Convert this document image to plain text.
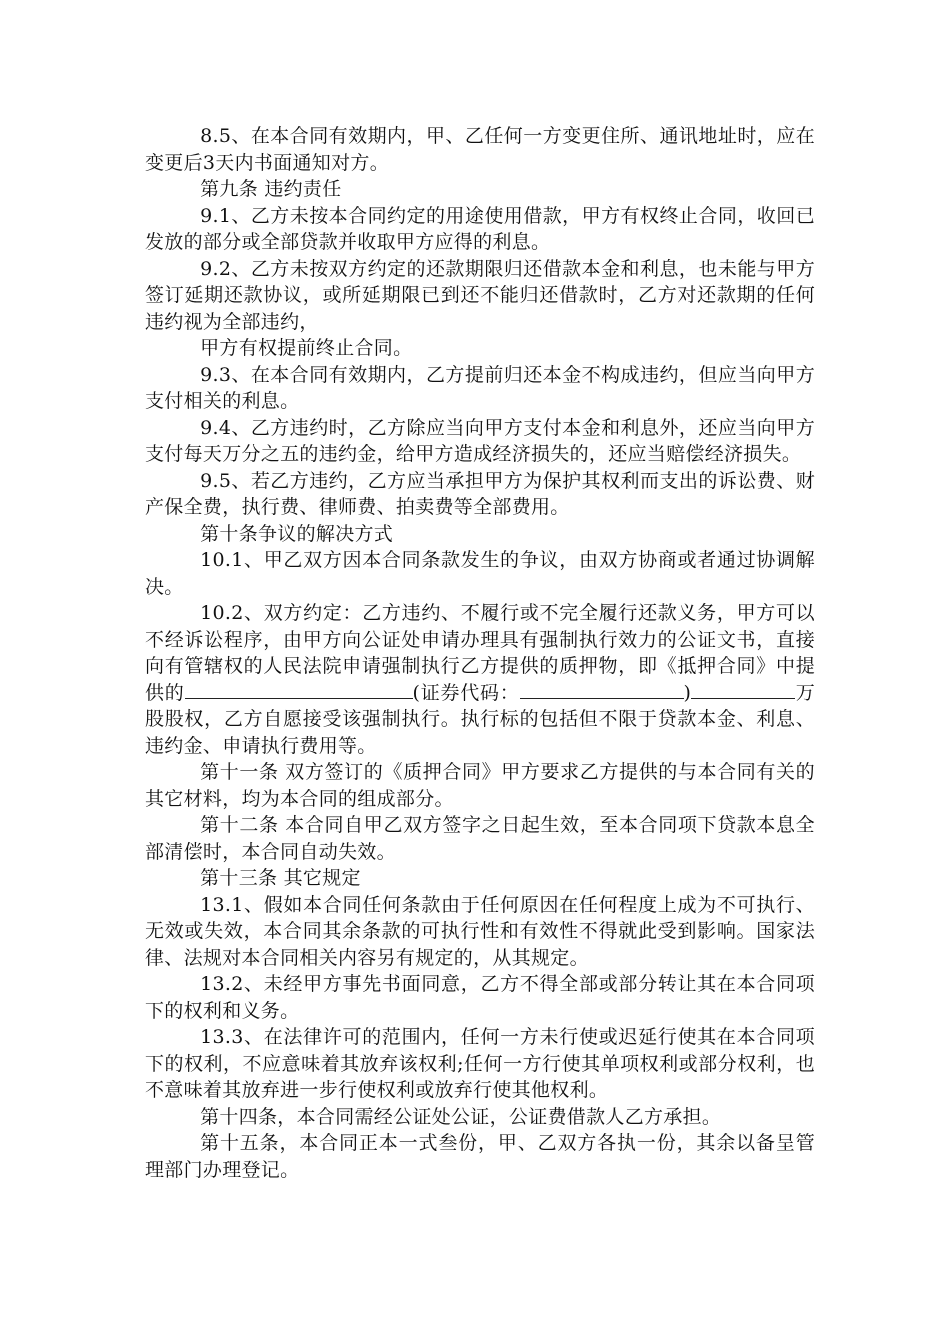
8.5、在本合同有效期内，甲、乙任何一方变更住所、通讯地址时，应在变更后3天内书面通知对方。

第九条 违约责任

9.1、乙方未按本合同约定的用途使用借款，甲方有权终止合同，收回已发放的部分或全部贷款并收取甲方应得的利息。

9.2、乙方未按双方约定的还款期限归还借款本金和利息，也未能与甲方签订延期还款协议，或所延期限已到还不能归还借款时，乙方对还款期的任何违约视为全部违约，

甲方有权提前终止合同。

9.3、在本合同有效期内，乙方提前归还本金不构成违约，但应当向甲方支付相关的利息。

9.4、乙方违约时，乙方除应当向甲方支付本金和利息外，还应当向甲方支付每天万分之五的违约金，给甲方造成经济损失的，还应当赔偿经济损失。

9.5、若乙方违约，乙方应当承担甲方为保护其权利而支出的诉讼费、财产保全费，执行费、律师费、拍卖费等全部费用。

第十条争议的解决方式

10.1、甲乙双方因本合同条款发生的争议，由双方协商或者通过协调解决。

10.2、双方约定：乙方违约、不履行或不完全履行还款义务，甲方可以不经诉讼程序，由甲方向公证处申请办理具有强制执行效力的公证文书，直接向有管辖权的人民法院申请强制执行乙方提供的质押物，即《抵押合同》中提供的	(证券代码：	)	万股股权，乙方自愿接受该强制执行。执行标的包括但不限于贷款本金、利息、违约金、申请执行费用等。

第十一条 双方签订的《质押合同》甲方要求乙方提供的与本合同有关的其它材料，均为本合同的组成部分。

第十二条 本合同自甲乙双方签字之日起生效，至本合同项下贷款本息全部清偿时，本合同自动失效。

第十三条 其它规定

13.1、假如本合同任何条款由于任何原因在任何程度上成为不可执行、无效或失效，本合同其余条款的可执行性和有效性不得就此受到影响。国家法律、法规对本合同相关内容另有规定的，从其规定。

13.2、未经甲方事先书面同意，乙方不得全部或部分转让其在本合同项下的权利和义务。

13.3、在法律许可的范围内，任何一方未行使或迟延行使其在本合同项下的权利，不应意味着其放弃该权利;任何一方行使其单项权利或部分权利，也不意味着其放弃进一步行使权利或放弃行使其他权利。

第十四条，本合同需经公证处公证，公证费借款人乙方承担。

第十五条，本合同正本一式叁份，甲、乙双方各执一份，其余以备呈管理部门办理登记。
